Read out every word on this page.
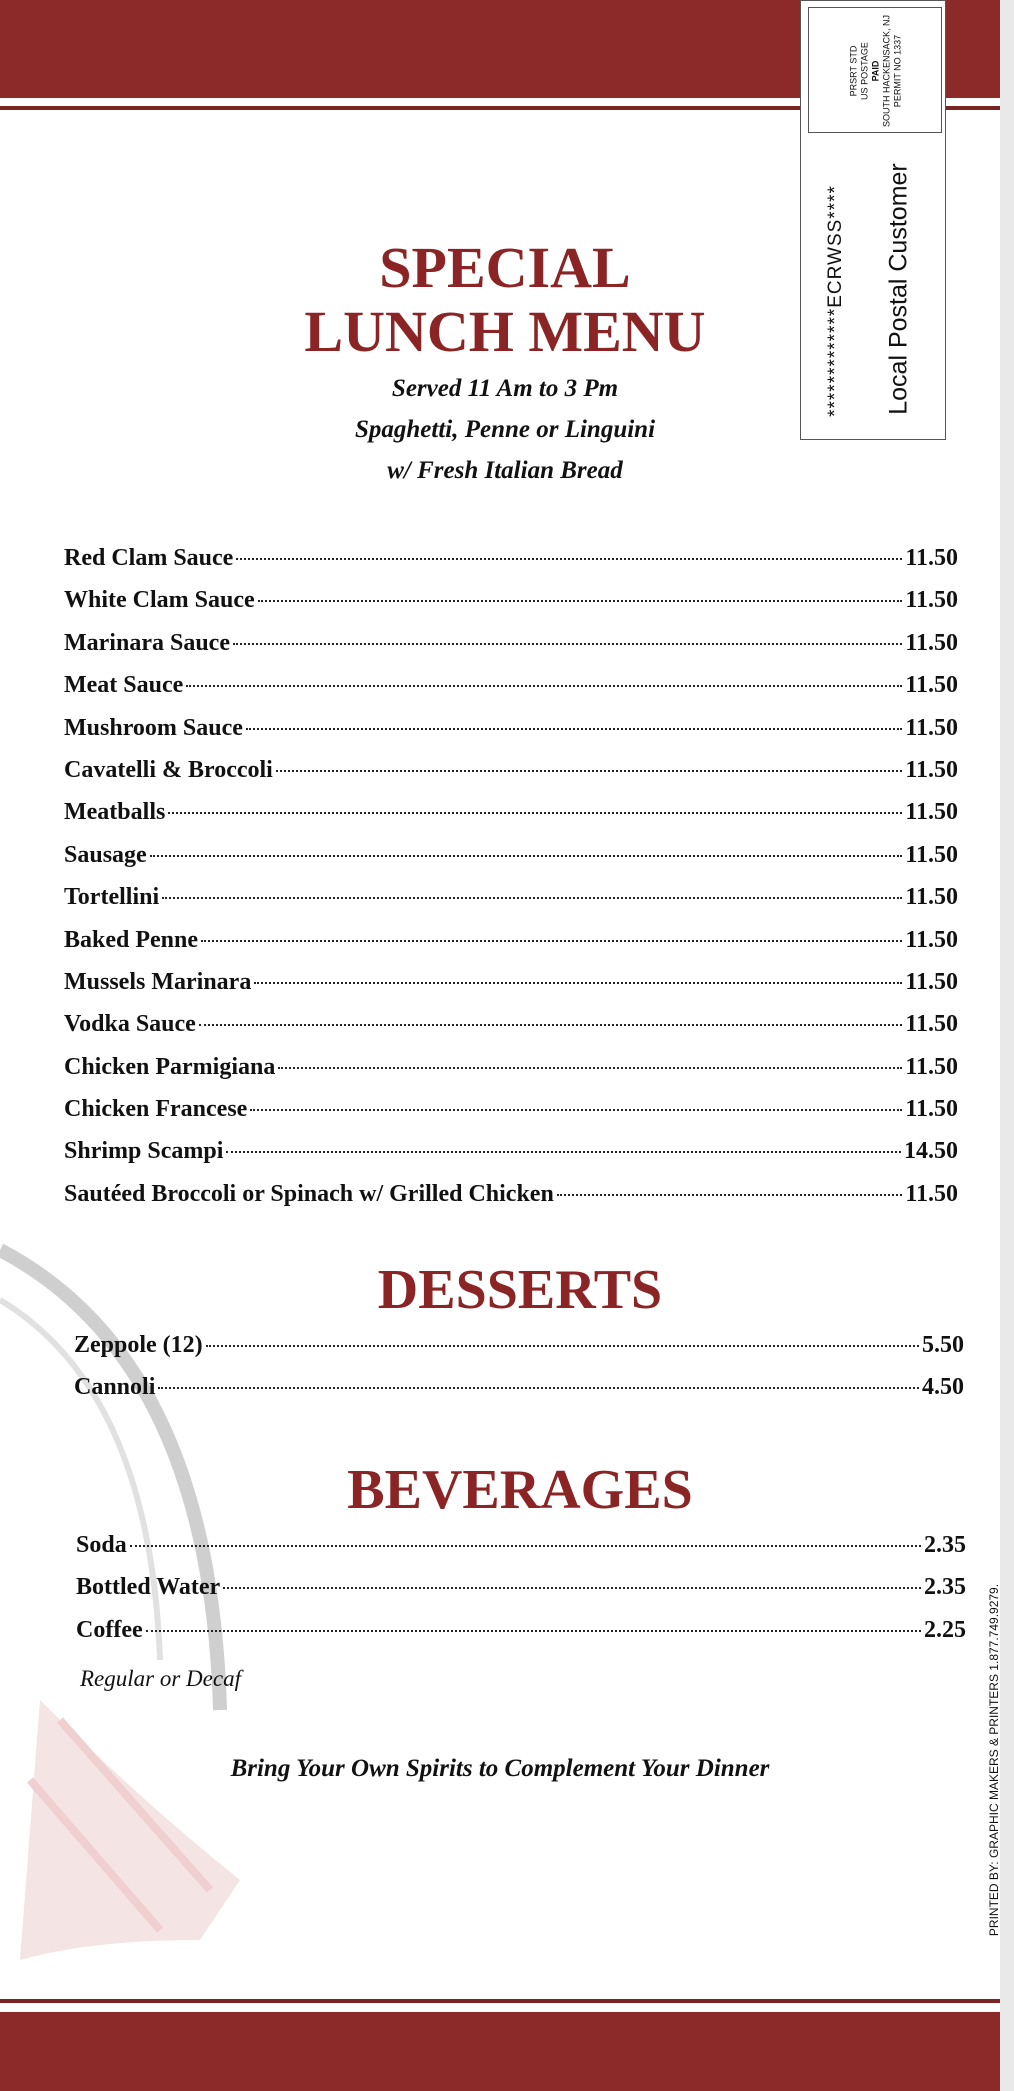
PRSRT STD US POSTAGE PAID SOUTH HACKENSACK, NJ PERMIT NO 1337
*************ECRWSS**** Local Postal Customer
SPECIAL
LUNCH MENU
Served 11 Am to 3 Pm
Spaghetti, Penne or Linguini
w/ Fresh Italian Bread
Red Clam Sauce	11.50
White Clam Sauce	11.50
Marinara Sauce	11.50
Meat Sauce	11.50
Mushroom Sauce	11.50
Cavatelli & Broccoli	11.50
Meatballs	11.50
Sausage	11.50
Tortellini	11.50
Baked Penne	11.50
Mussels Marinara	11.50
Vodka Sauce	11.50
Chicken Parmigiana	11.50
Chicken Francese	11.50
Shrimp Scampi	14.50
Sautéed Broccoli or Spinach w/ Grilled Chicken	11.50
DESSERTS
Zeppole (12)	5.50
Cannoli	4.50
BEVERAGES
Soda	2.35
Bottled Water	2.35
Coffee	2.25
Regular or Decaf
Bring Your Own Spirits to Complement Your Dinner	PRINTED BY: GRAPHIC MAKERS & PRINTERS 1.877.749.9279.
